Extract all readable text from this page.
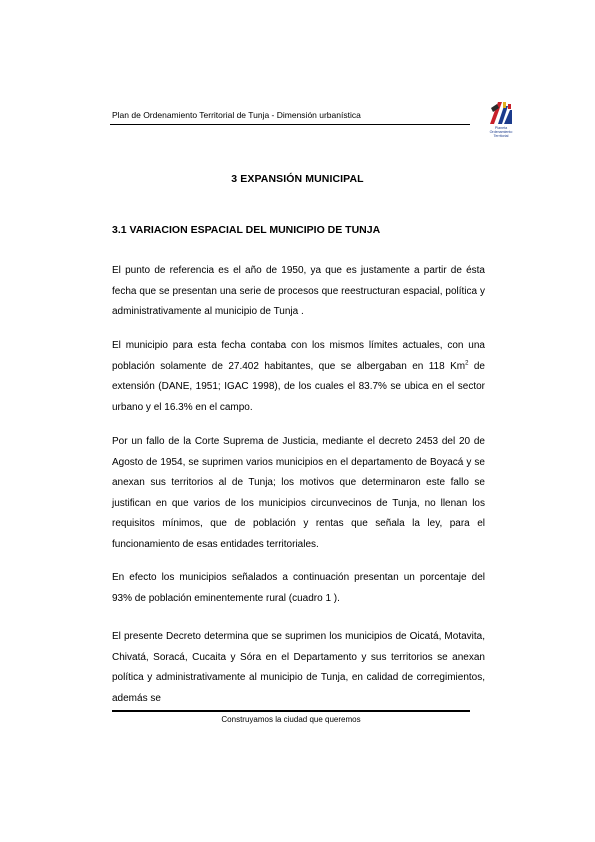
Plan de Ordenamiento Territorial de Tunja - Dimensión urbanística
Planeta
Ordenamiento
Territorial
3 EXPANSIÓN MUNICIPAL
3.1 VARIACION ESPACIAL DEL MUNICIPIO DE TUNJA

El punto de referencia es el año de 1950, ya que es justamente a partir de ésta fecha que se presentan una serie de procesos que reestructuran espacial, política y administrativamente al municipio de Tunja .

El municipio para esta fecha contaba con los mismos límites actuales, con una población solamente de 27.402 habitantes, que se albergaban en 118 Km$^2$ de extensión (DANE, 1951; IGAC 1998), de los cuales el 83.7% se ubica en el sector urbano y el 16.3% en el campo.

Por un fallo de la Corte Suprema de Justicia, mediante el decreto 2453 del 20 de Agosto de 1954, se suprimen varios municipios en el departamento de Boyacá y se anexan sus territorios al de Tunja; los motivos que determinaron este fallo se justifican en que varios de los municipios circunvecinos de Tunja, no llenan los requisitos mínimos, que de población y rentas que señala la ley, para el funcionamiento de esas entidades territoriales.

En efecto los municipios señalados a continuación presentan un porcentaje del 93% de población eminentemente rural (cuadro 1 ).

El presente Decreto determina que se suprimen los municipios de Oicatá, Motavita, Chivatá, Soracá, Cucaita y Sóra en el Departamento y sus territorios se anexan política y administrativamente al municipio de Tunja, en calidad de corregimientos, además se

Construyamos la ciudad que queremos
